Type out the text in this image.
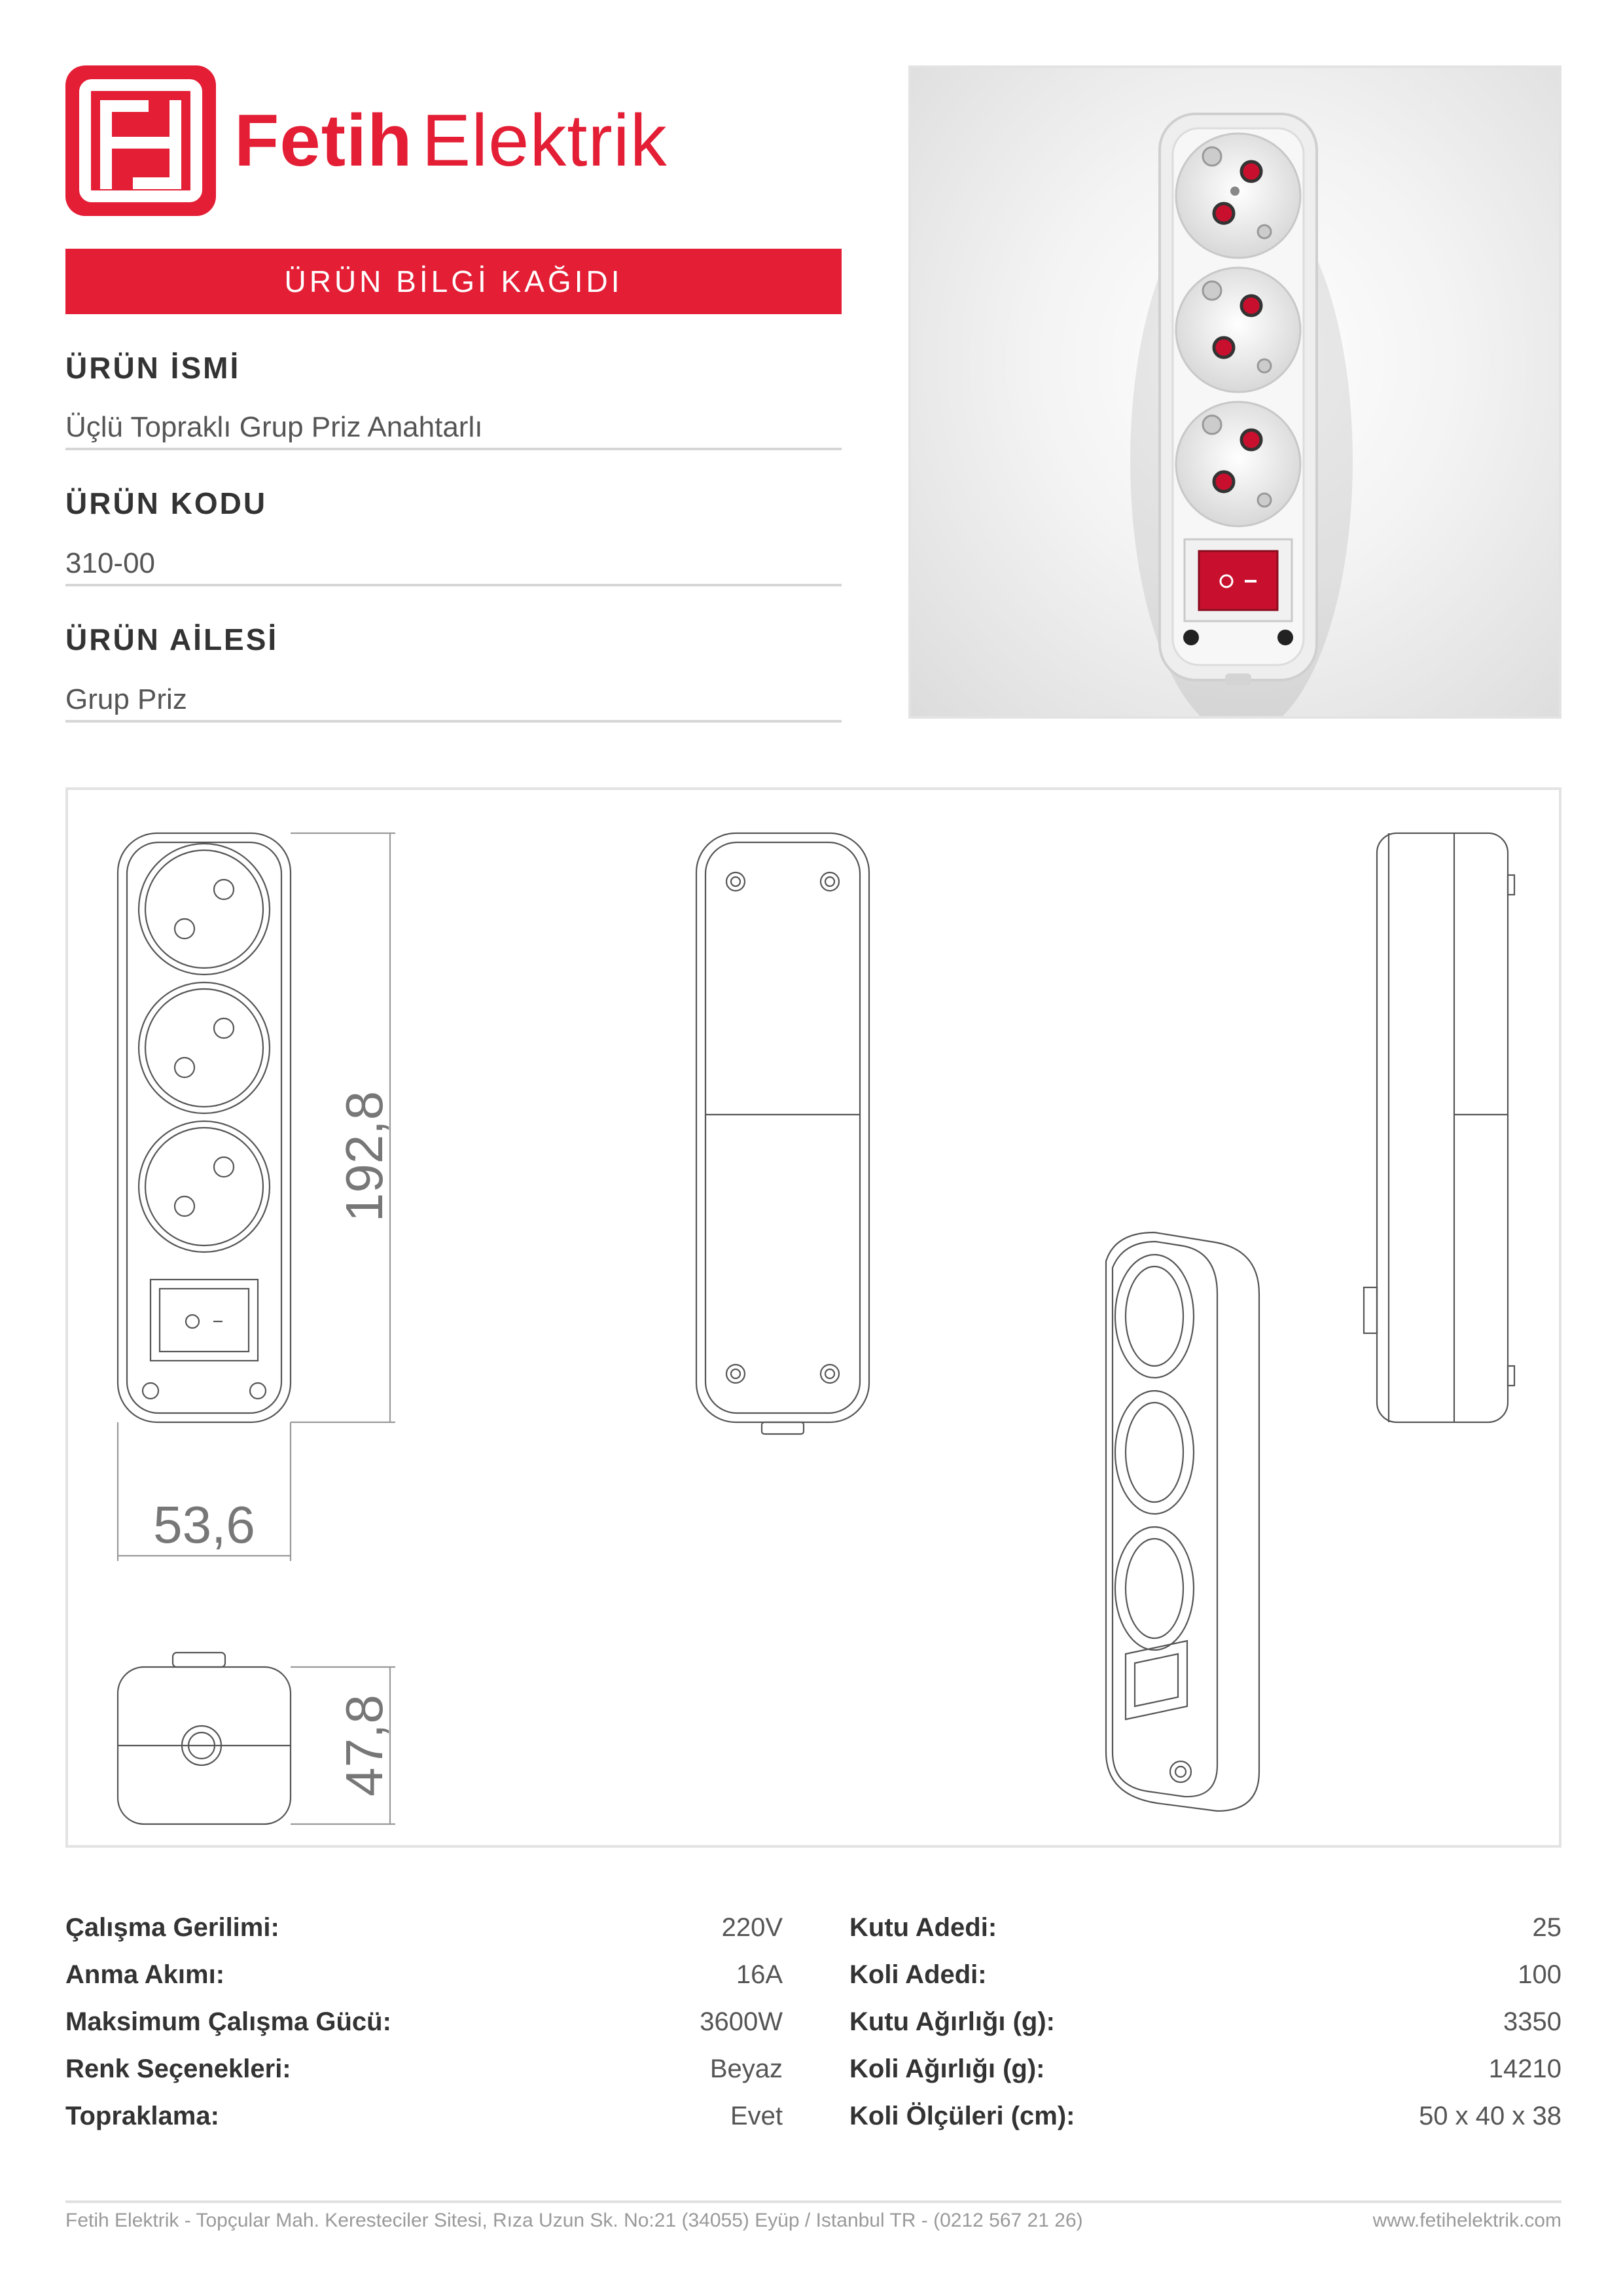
Fetih Elektrik
ÜRÜN BİLGİ KAĞIDI
ÜRÜN İSMİ
Üçlü Topraklı Grup Priz Anahtarlı
ÜRÜN KODU
310-00
ÜRÜN AİLESİ
Grup Priz
192,8
53,6
47,8
Çalışma Gerilimi:	220V
Anma Akımı:	16A
Maksimum Çalışma Gücü:	3600W
Renk Seçenekleri:	Beyaz
Topraklama:	Evet
Kutu Adedi:	25
Koli Adedi:	100
Kutu Ağırlığı (g):	3350
Koli Ağırlığı (g):	14210
Koli Ölçüleri (cm):	50 x 40 x 38
Fetih Elektrik - Topçular Mah. Keresteciler Sitesi, Rıza Uzun Sk. No:21 (34055) Eyüp / Istanbul TR - (0212 567 21 26)	www.fetihelektrik.com
